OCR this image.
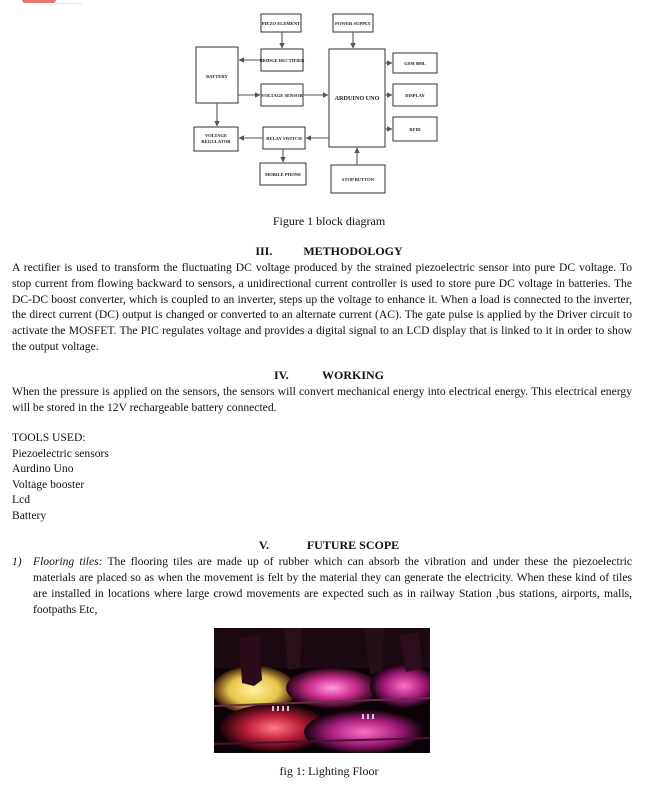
PIEZO ELEMENT	POWER SUPPLY
BATTERY
BRIDGE RECTIFIER
GSM 800L
VOLTAGE SENSOR	ARDUINO UNO	DISPLAY
RFID
VOLTAGE
REGULATOR
RELAY SWITCH
MOBILE PHONE
STOP BUTTON
Figure 1 block diagram
III.	METHODOLOGY

A rectifier is used to transform the fluctuating DC voltage produced by the strained piezoelectric sensor into pure DC voltage. To stop current from flowing backward to sensors, a unidirectional current controller is used to store pure DC voltage in batteries. The DC-DC boost converter, which is coupled to an inverter, steps up the voltage to enhance it. When a load is connected to the inverter, the direct current (DC) output is changed or converted to an alternate current (AC). The gate pulse is applied by the Driver circuit to activate the MOSFET. The PIC regulates voltage and provides a digital signal to an LCD display that is linked to it in order to show the output voltage.

IV.	WORKING

When the pressure is applied on the sensors, the sensors will convert mechanical energy into electrical energy. This electrical energy will be stored in the 12V rechargeable battery connected.

TOOLS USED:
Piezoelectric sensors
Aurdino Uno
Voltage booster
Lcd
Battery
V.	FUTURE SCOPE
1) Flooring tiles: The flooring tiles are made up of rubber which can absorb the vibration and under these the piezoelectric materials are placed so as when the movement is felt by the material they can generate the electricity. When these kind of tiles are installed in locations where large crowd movements are expected such as in railway Station ,bus stations, airports, malls, footpaths Etc,

fig 1: Lighting Floor
